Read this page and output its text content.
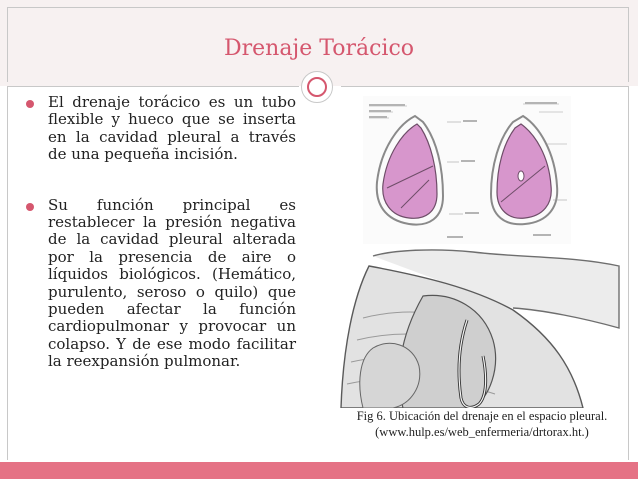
Drenaje Torácico

El drenaje torácico es un tubo flexible y hueco que se inserta en la cavidad pleural a través de una pequeña incisión.

Su función principal es restablecer la presión negativa de la cavidad pleural alterada por la presencia de aire o líquidos biológicos. (Hemático, purulento, seroso o quilo) que pueden afectar la función cardiopulmonar y provocar un colapso. Y de ese modo facilitar la reexpansión pulmonar.

Fig 6. Ubicación del drenaje en el espacio pleural.
(www.hulp.es/web_enfermeria/drtorax.ht.)
